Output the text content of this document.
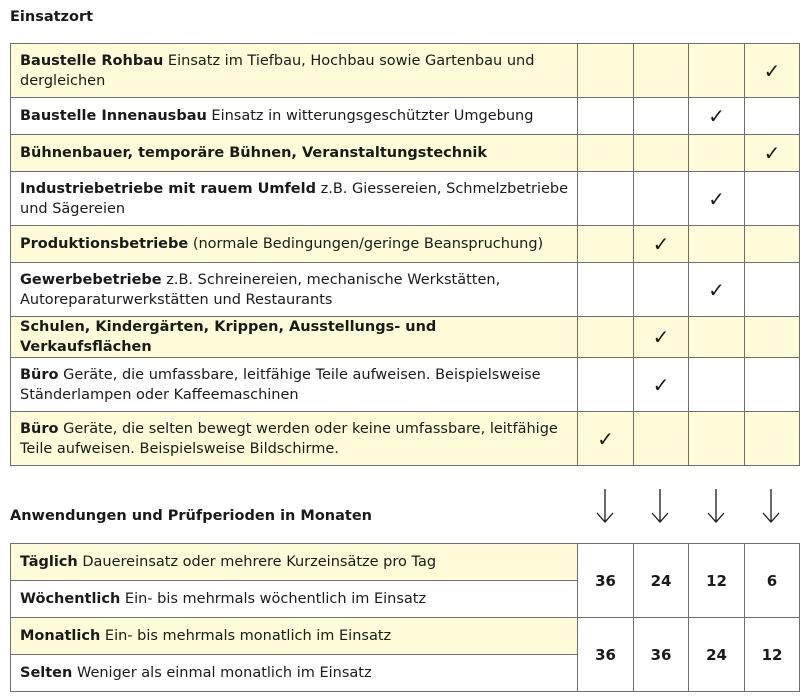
Einsatzort
Baustelle Rohbau Einsatz im Tiefbau, Hochbau sowie Gartenbau und dergleichen				✓
Baustelle Innenausbau Einsatz in witterungsgeschützter Umgebung			✓	
Bühnenbauer, temporäre Bühnen, Veranstaltungstechnik				✓
Industriebetriebe mit rauem Umfeld z.B. Giessereien, Schmelzbetriebe und Sägereien			✓	
Produktionsbetriebe (normale Bedingungen/geringe Beanspruchung)		✓		
Gewerbebetriebe z.B. Schreinereien, mechanische Werkstätten, Autoreparaturwerkstätten und Restaurants			✓	
Schulen, Kindergärten, Krippen, Ausstellungs- und Verkaufsflächen		✓		
Büro Geräte, die umfassbare, leitfähige Teile aufweisen. Beispielsweise Ständerlampen oder Kaffeemaschinen		✓		
Büro Geräte, die selten bewegt werden oder keine umfassbare, leitfähige Teile aufweisen. Beispielsweise Bildschirme.	✓			
Anwendungen und Prüfperioden in Monaten
Täglich Dauereinsatz oder mehrere Kurzeinsätze pro Tag	36	24	12	6
Wöchentlich Ein- bis mehrmals wöchentlich im Einsatz				
Monatlich Ein- bis mehrmals monatlich im Einsatz	36	36	24	12
Selten Weniger als einmal monatlich im Einsatz				
